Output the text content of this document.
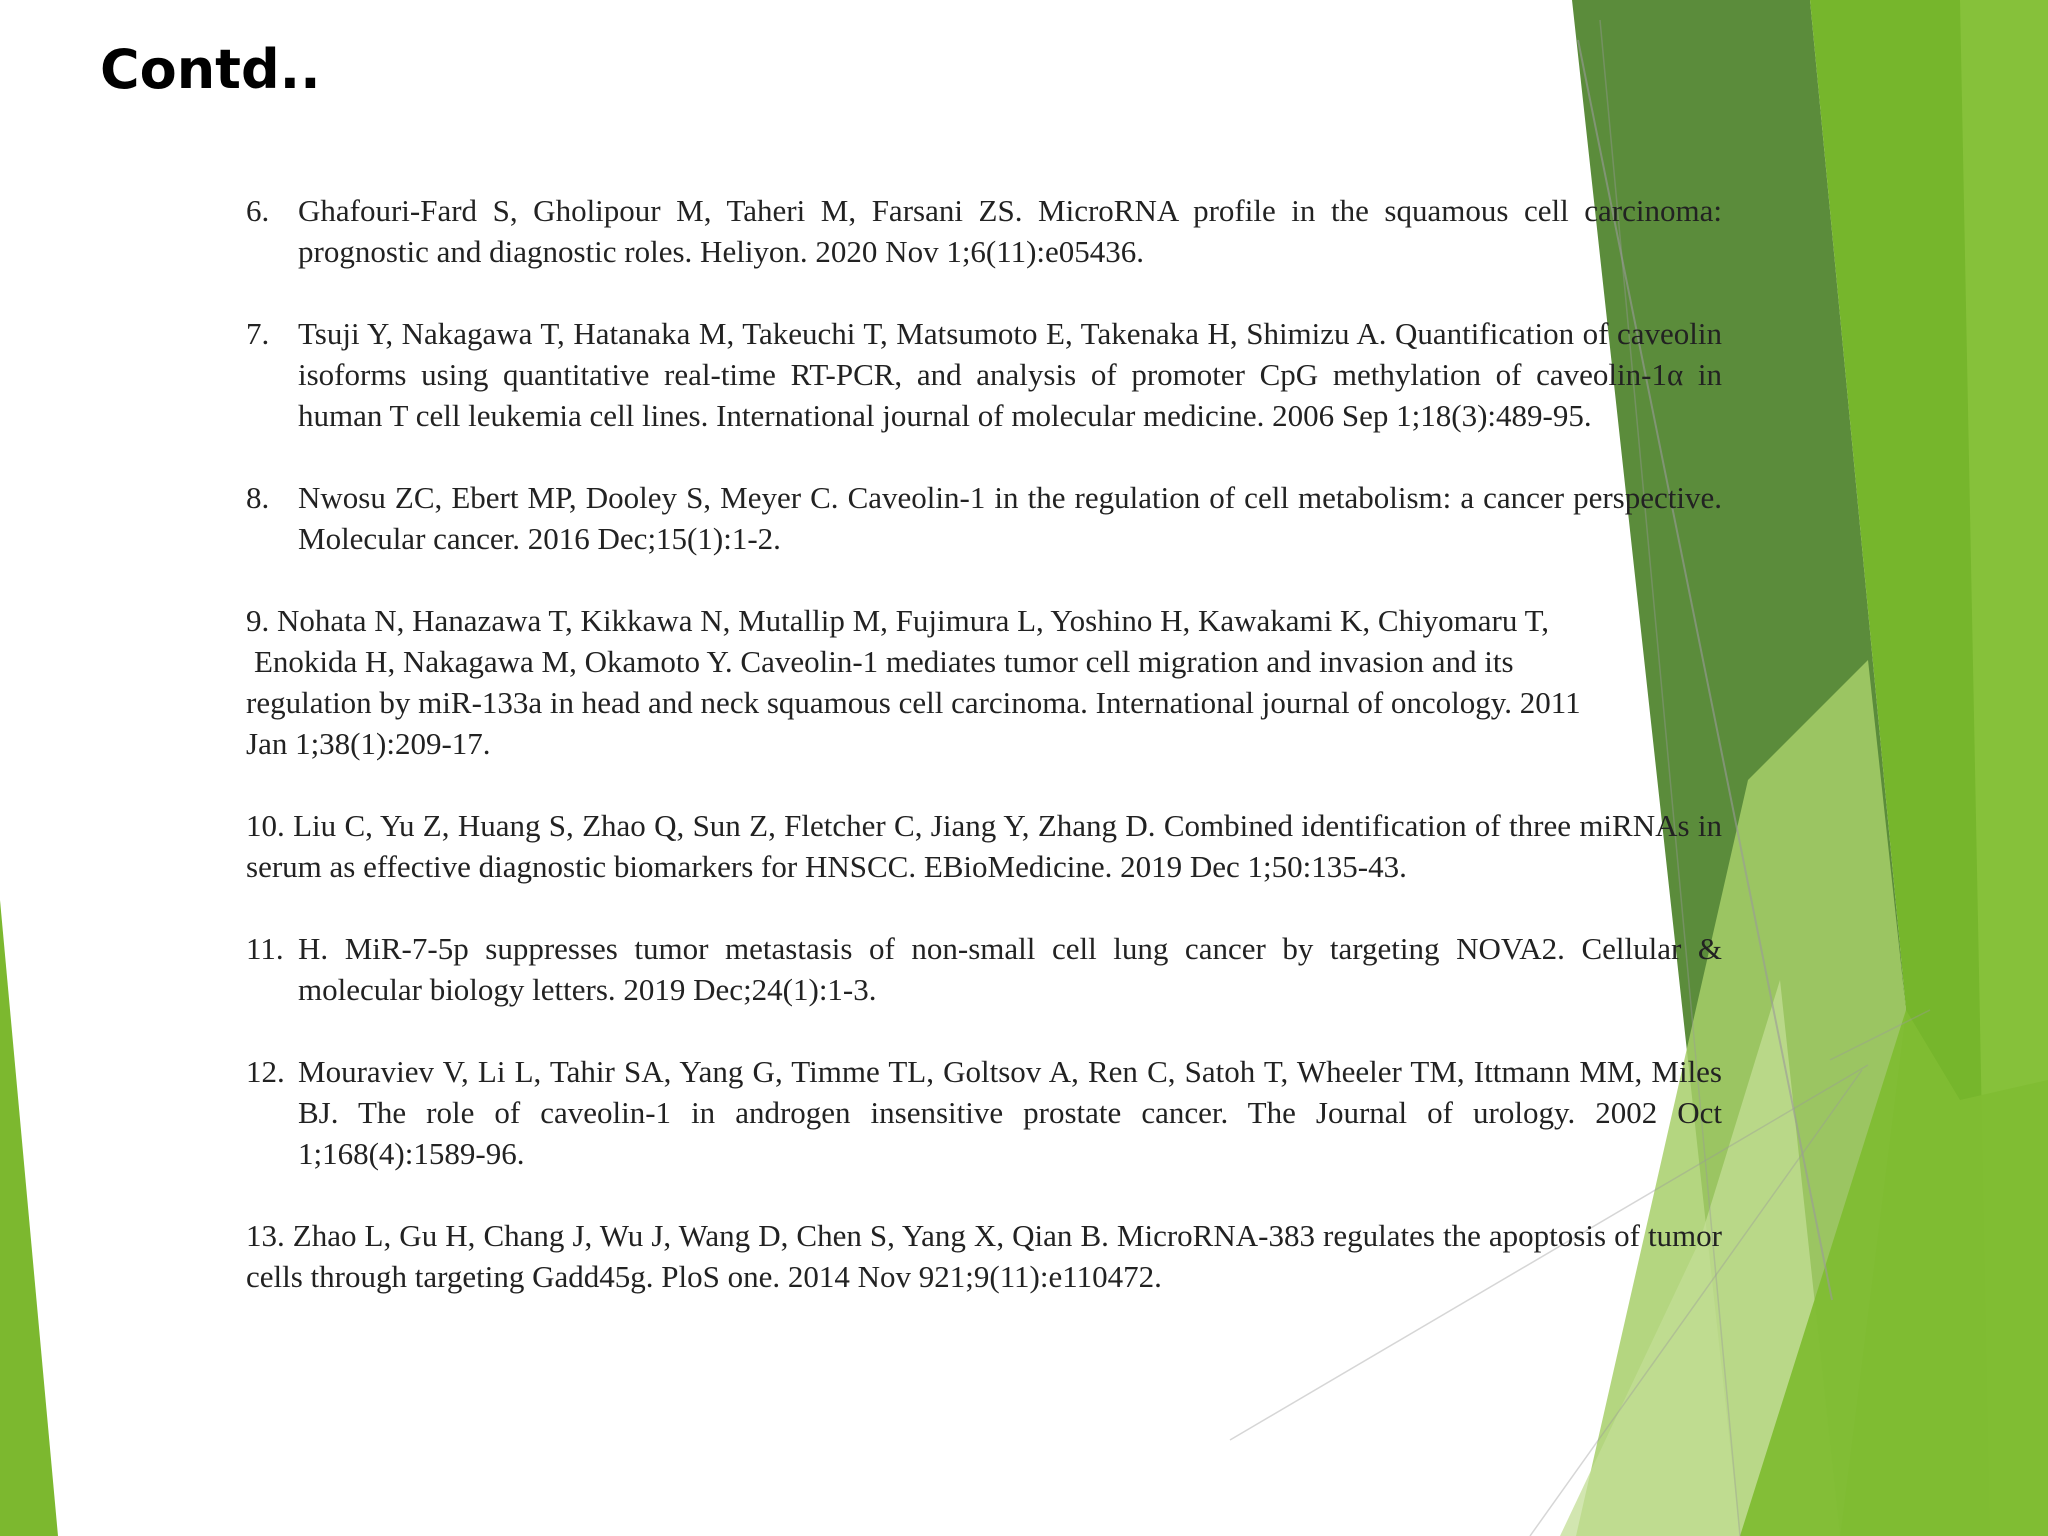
Contd..
6. Ghafouri-Fard S, Gholipour M, Taheri M, Farsani ZS. MicroRNA profile in the squamous cell carcinoma: prognostic and diagnostic roles. Heliyon. 2020 Nov 1;6(11):e05436.
7. Tsuji Y, Nakagawa T, Hatanaka M, Takeuchi T, Matsumoto E, Takenaka H, Shimizu A. Quantification of caveolin isoforms using quantitative real-time RT-PCR, and analysis of promoter CpG methylation of caveolin-1α in human T cell leukemia cell lines. International journal of molecular medicine. 2006 Sep 1;18(3):489-95.
8. Nwosu ZC, Ebert MP, Dooley S, Meyer C. Caveolin-1 in the regulation of cell metabolism: a cancer perspective. Molecular cancer. 2016 Dec;15(1):1-2.
9. Nohata N, Hanazawa T, Kikkawa N, Mutallip M, Fujimura L, Yoshino H, Kawakami K, Chiyomaru T,
Enokida H, Nakagawa M, Okamoto Y. Caveolin-1 mediates tumor cell migration and invasion and its
regulation by miR-133a in head and neck squamous cell carcinoma. International journal of oncology. 2011
Jan 1;38(1):209-17.
10. Liu C, Yu Z, Huang S, Zhao Q, Sun Z, Fletcher C, Jiang Y, Zhang D. Combined identification of three miRNAs in serum as effective diagnostic biomarkers for HNSCC. EBioMedicine. 2019 Dec 1;50:135-43.
11. H. MiR-7-5p suppresses tumor metastasis of non-small cell lung cancer by targeting NOVA2. Cellular & molecular biology letters. 2019 Dec;24(1):1-3.
12. Mouraviev V, Li L, Tahir SA, Yang G, Timme TL, Goltsov A, Ren C, Satoh T, Wheeler TM, Ittmann MM, Miles BJ. The role of caveolin-1 in androgen insensitive prostate cancer. The Journal of urology. 2002 Oct 1;168(4):1589-96.
13. Zhao L, Gu H, Chang J, Wu J, Wang D, Chen S, Yang X, Qian B. MicroRNA-383 regulates the apoptosis of tumor cells through targeting Gadd45g. PloS one. 2014 Nov 921;9(11):e110472.
